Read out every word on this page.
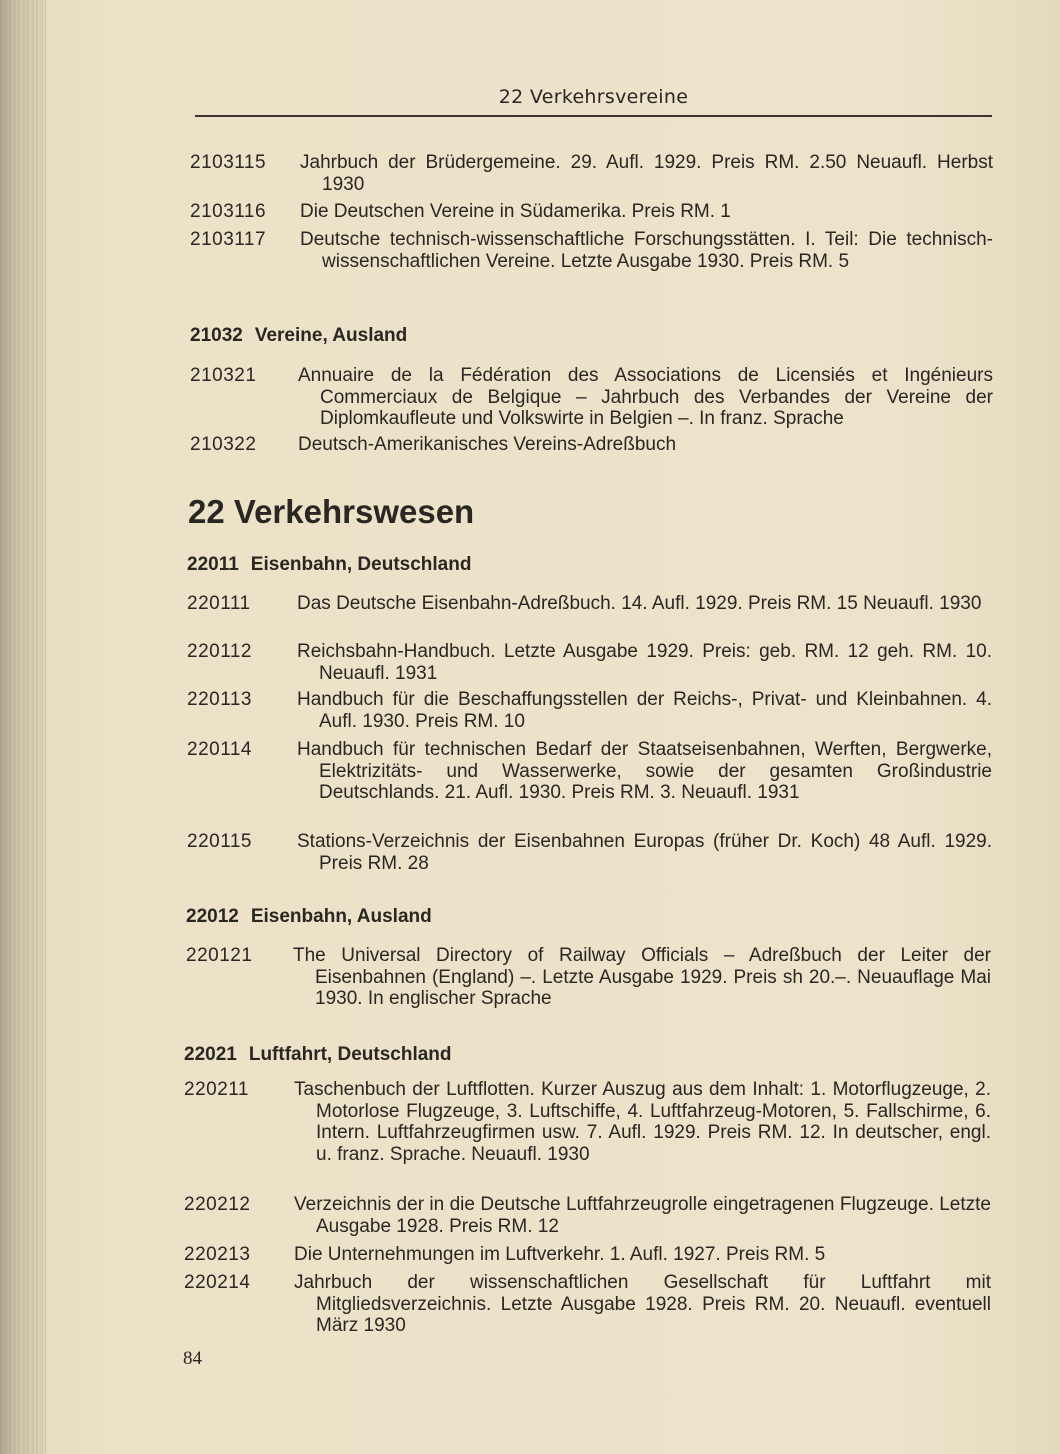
22 Verkehrsvereine
2103115 Jahrbuch der Brüdergemeine. 29. Aufl. 1929. Preis RM. 2.50 Neuaufl. Herbst 1930
2103116 Die Deutschen Vereine in Südamerika. Preis RM. 1
2103117 Deutsche technisch-wissenschaftliche Forschungsstätten. I. Teil: Die technisch-wissenschaftlichen Vereine. Letzte Ausgabe 1930. Preis RM. 5
21032 Vereine, Ausland
210321 Annuaire de la Fédération des Associations de Licensiés et Ingénieurs Commerciaux de Belgique – Jahrbuch des Verbandes der Vereine der Diplomkaufleute und Volkswirte in Belgien –. In franz. Sprache
210322 Deutsch-Amerikanisches Vereins-Adreßbuch
22 Verkehrswesen
22011 Eisenbahn, Deutschland
220111 Das Deutsche Eisenbahn-Adreßbuch. 14. Aufl. 1929. Preis RM. 15 Neuaufl. 1930
220112 Reichsbahn-Handbuch. Letzte Ausgabe 1929. Preis: geb. RM. 12 geh. RM. 10. Neuaufl. 1931
220113 Handbuch für die Beschaffungsstellen der Reichs-, Privat- und Kleinbahnen. 4. Aufl. 1930. Preis RM. 10
220114 Handbuch für technischen Bedarf der Staatseisenbahnen, Werften, Bergwerke, Elektrizitäts- und Wasserwerke, sowie der gesamten Großindustrie Deutschlands. 21. Aufl. 1930. Preis RM. 3. Neuaufl. 1931
220115 Stations-Verzeichnis der Eisenbahnen Europas (früher Dr. Koch) 48 Aufl. 1929. Preis RM. 28
22012 Eisenbahn, Ausland
220121 The Universal Directory of Railway Officials – Adreßbuch der Leiter der Eisenbahnen (England) –. Letzte Ausgabe 1929. Preis sh 20.–. Neuauflage Mai 1930. In englischer Sprache
22021 Luftfahrt, Deutschland
220211 Taschenbuch der Luftflotten. Kurzer Auszug aus dem Inhalt: 1. Motorflugzeuge, 2. Motorlose Flugzeuge, 3. Luftschiffe, 4. Luftfahrzeug-Motoren, 5. Fallschirme, 6. Intern. Luftfahrzeugfirmen usw. 7. Aufl. 1929. Preis RM. 12. In deutscher, engl. u. franz. Sprache. Neuaufl. 1930
220212 Verzeichnis der in die Deutsche Luftfahrzeugrolle eingetragenen Flugzeuge. Letzte Ausgabe 1928. Preis RM. 12
220213 Die Unternehmungen im Luftverkehr. 1. Aufl. 1927. Preis RM. 5
220214 Jahrbuch der wissenschaftlichen Gesellschaft für Luftfahrt mit Mitgliedsverzeichnis. Letzte Ausgabe 1928. Preis RM. 20. Neuaufl. eventuell März 1930
84
